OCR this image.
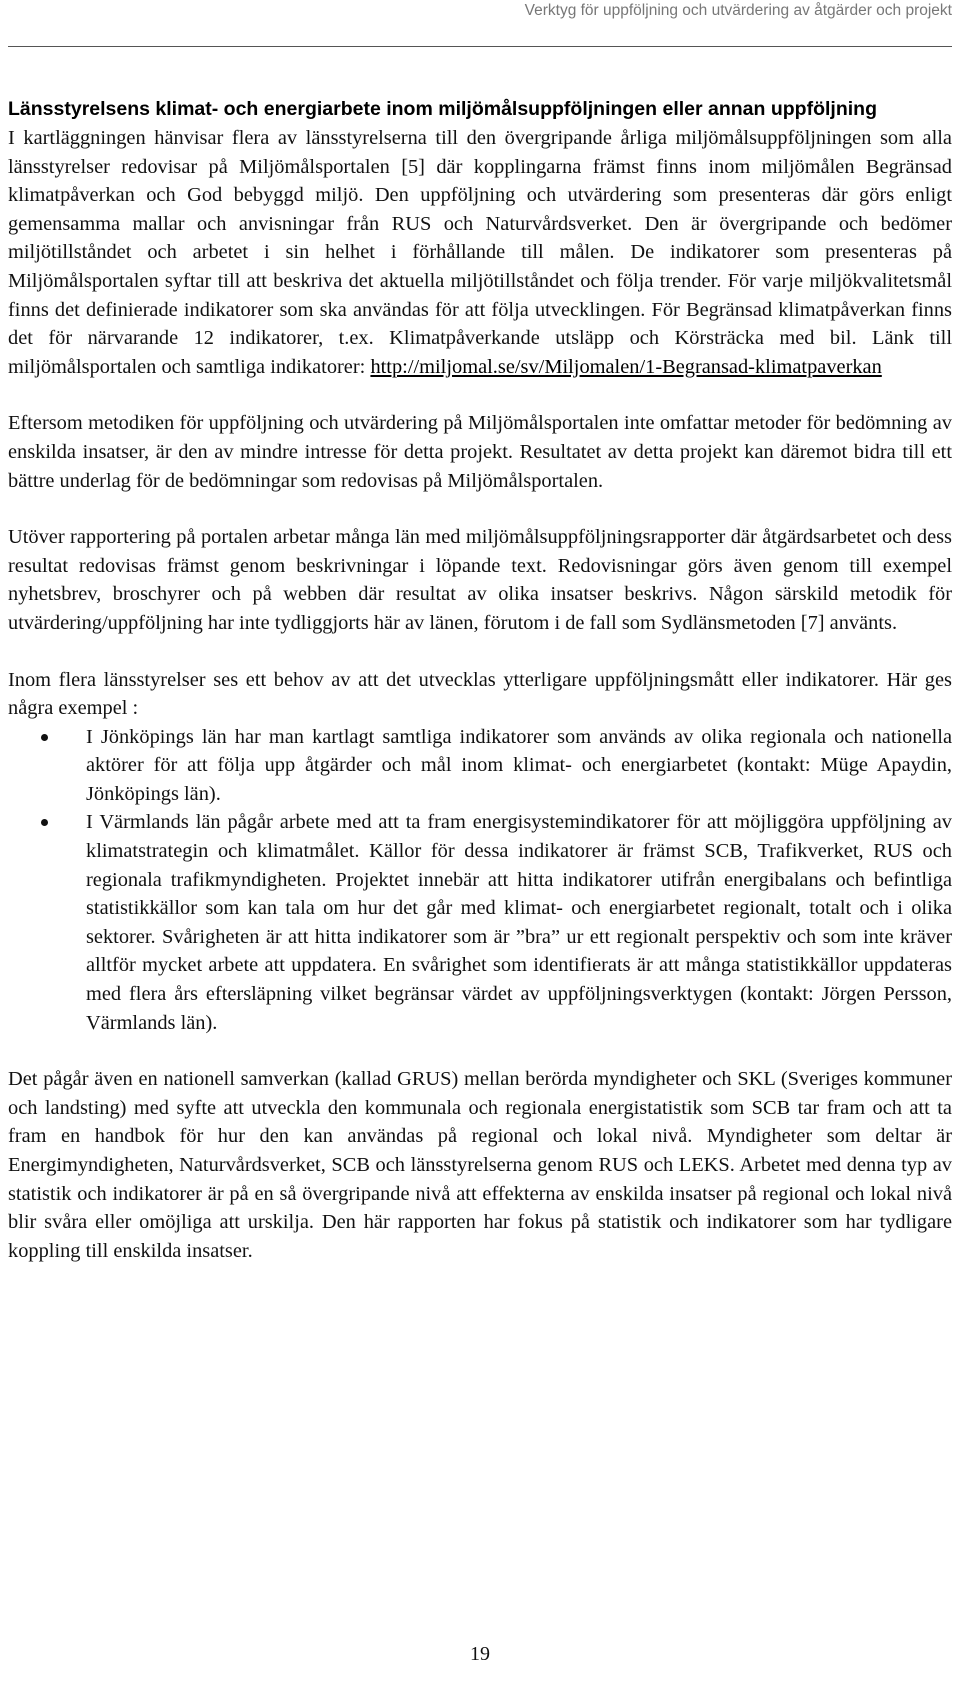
Verktyg för uppföljning och utvärdering av åtgärder och projekt
Länsstyrelsens klimat- och energiarbete inom miljömålsuppföljningen eller annan uppföljning

I kartläggningen hänvisar flera av länsstyrelserna till den övergripande årliga miljömålsuppföljningen som alla länsstyrelser redovisar på Miljömålsportalen [5] där kopplingarna främst finns inom miljömålen Begränsad klimatpåverkan och God bebyggd miljö. Den uppföljning och utvärdering som presenteras där görs enligt gemensamma mallar och anvisningar från RUS och Naturvårdsverket. Den är övergripande och bedömer miljötillståndet och arbetet i sin helhet i förhållande till målen. De indikatorer som presenteras på Miljömålsportalen syftar till att beskriva det aktuella miljötillståndet och följa trender. För varje miljökvalitetsmål finns det definierade indikatorer som ska användas för att följa utvecklingen. För Begränsad klimatpåverkan finns det för närvarande 12 indikatorer, t.ex. Klimatpåverkande utsläpp och Körsträcka med bil. Länk till miljömålsportalen och samtliga indikatorer: http://miljomal.se/sv/Miljomalen/1-Begransad-klimatpaverkan

Eftersom metodiken för uppföljning och utvärdering på Miljömålsportalen inte omfattar metoder för bedömning av enskilda insatser, är den av mindre intresse för detta projekt. Resultatet av detta projekt kan däremot bidra till ett bättre underlag för de bedömningar som redovisas på Miljömålsportalen.

Utöver rapportering på portalen arbetar många län med miljömålsuppföljningsrapporter där åtgärdsarbetet och dess resultat redovisas främst genom beskrivningar i löpande text. Redovisningar görs även genom till exempel nyhetsbrev, broschyrer och på webben där resultat av olika insatser beskrivs. Någon särskild metodik för utvärdering/uppföljning har inte tydliggjorts här av länen, förutom i de fall som Sydlänsmetoden [7] använts.

Inom flera länsstyrelser ses ett behov av att det utvecklas ytterligare uppföljningsmått eller indikatorer. Här ges några exempel :

I Jönköpings län har man kartlagt samtliga indikatorer som används av olika regionala och nationella aktörer för att följa upp åtgärder och mål inom klimat- och energiarbetet (kontakt: Müge Apaydin, Jönköpings län).
I Värmlands län pågår arbete med att ta fram energisystemindikatorer för att möjliggöra uppföljning av klimatstrategin och klimatmålet. Källor för dessa indikatorer är främst SCB, Trafikverket, RUS och regionala trafikmyndigheten. Projektet innebär att hitta indikatorer utifrån energibalans och befintliga statistikkällor som kan tala om hur det går med klimat- och energiarbetet regionalt, totalt och i olika sektorer. Svårigheten är att hitta indikatorer som är ”bra” ur ett regionalt perspektiv och som inte kräver alltför mycket arbete att uppdatera. En svårighet som identifierats är att många statistikkällor uppdateras med flera års eftersläpning vilket begränsar värdet av uppföljningsverktygen (kontakt: Jörgen Persson, Värmlands län).

Det pågår även en nationell samverkan (kallad GRUS) mellan berörda myndigheter och SKL (Sveriges kommuner och landsting) med syfte att utveckla den kommunala och regionala energistatistik som SCB tar fram och att ta fram en handbok för hur den kan användas på regional och lokal nivå. Myndigheter som deltar är Energimyndigheten, Naturvårdsverket, SCB och länsstyrelserna genom RUS och LEKS. Arbetet med denna typ av statistik och indikatorer är på en så övergripande nivå att effekterna av enskilda insatser på regional och lokal nivå blir svåra eller omöjliga att urskilja. Den här rapporten har fokus på statistik och indikatorer som har tydligare koppling till enskilda insatser.

19
